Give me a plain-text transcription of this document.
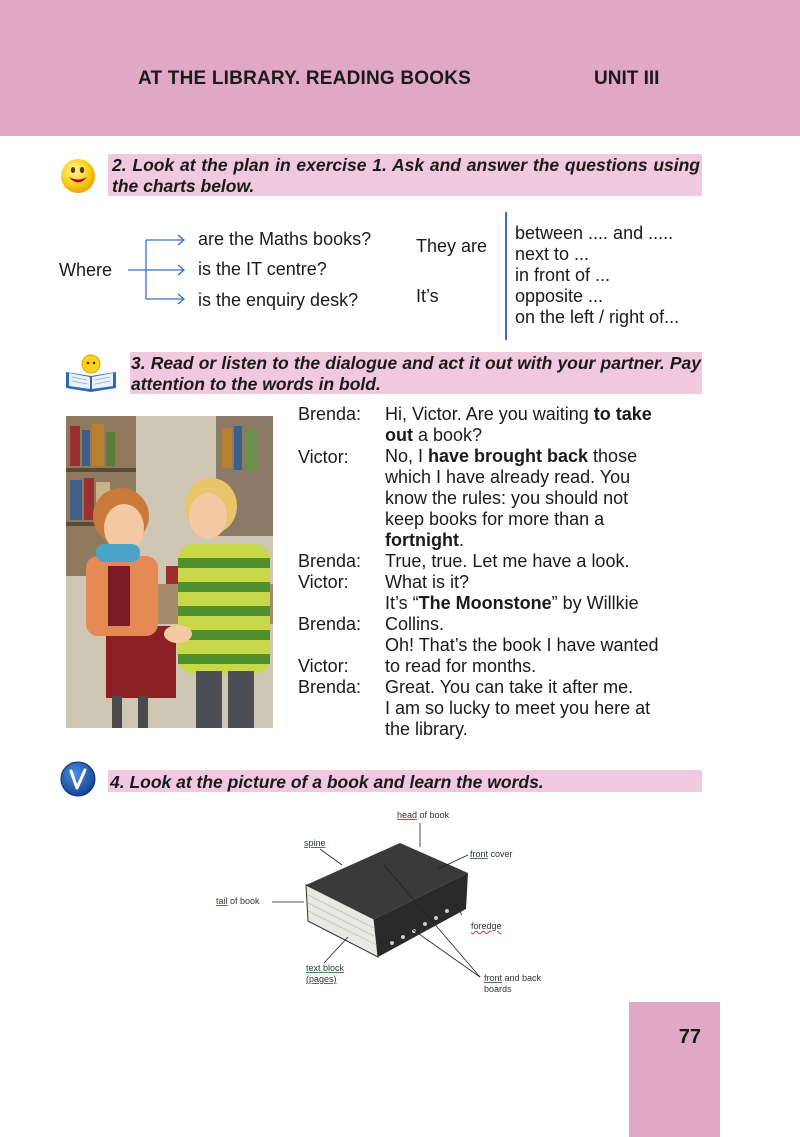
AT THE LIBRARY. READING BOOKS	UNIT III
2. Look at the plan in exercise 1. Ask and answer the questions using the charts below.
Where
are the Maths books?
is the IT centre?
is the enquiry desk?
They are
It’s
between .... and .....
next to ...
in front of ...
opposite ...
on the left / right of...
3. Read or listen to the dialogue and act it out with your partner. Pay attention to the words in bold.
Brenda:
Victor:
Brenda:
Victor:
Brenda:
Victor:
Brenda:
Hi, Victor. Are you waiting to take
out a book?
No, I have brought back those
which I have already read. You
know the rules: you should not
keep books for more than a
fortnight.
True, true. Let me have a look.
What is it?
It’s “The Moonstone” by Willkie
Collins.
Oh! That’s the book I have wanted
to read for months.
Great. You can take it after me.
I am so lucky to meet you here at
the library.
4. Look at the picture of a book and learn the words.
head of book
spine
front cover
tail of book
foredge
text block
(pages)	front and back
boards
77
